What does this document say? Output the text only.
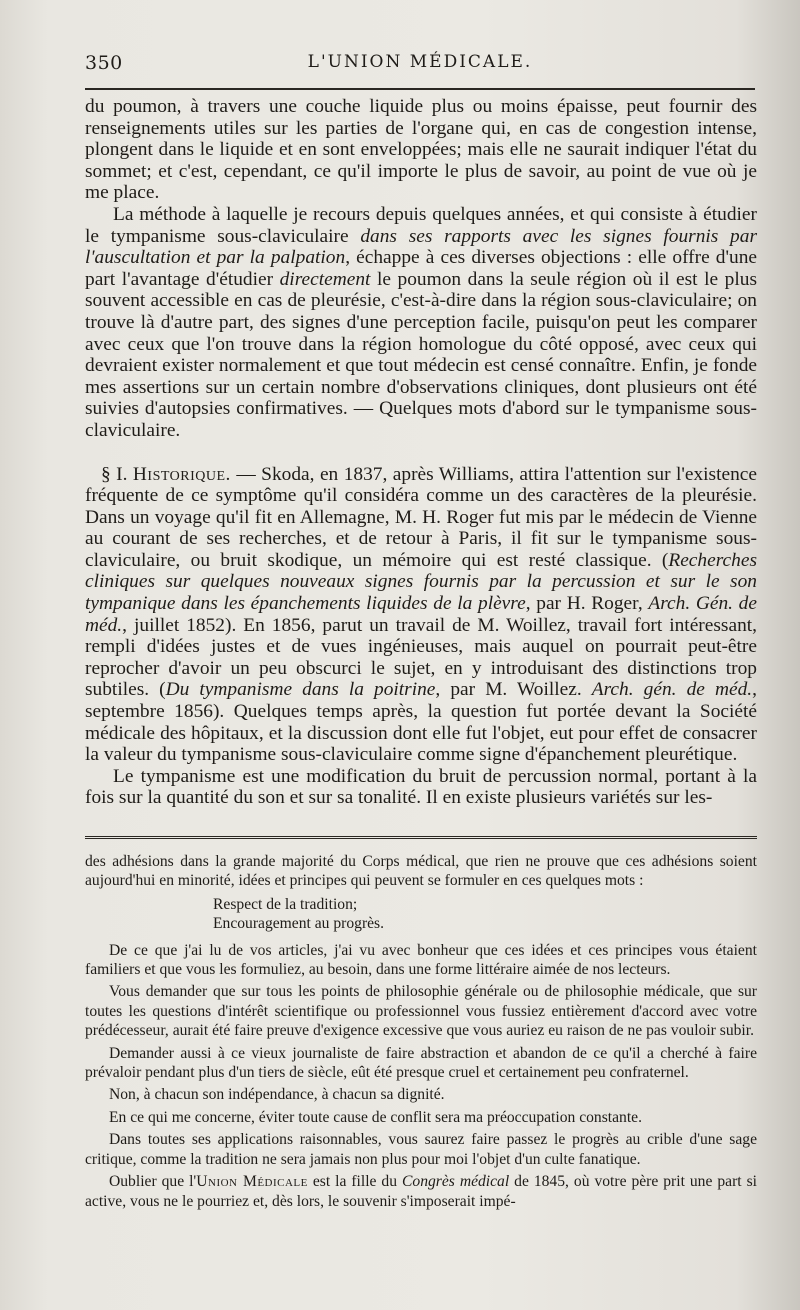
350	L'UNION MÉDICALE.

du poumon, à travers une couche liquide plus ou moins épaisse, peut fournir des renseignements utiles sur les parties de l'organe qui, en cas de congestion intense, plongent dans le liquide et en sont enveloppées; mais elle ne saurait indiquer l'état du sommet; et c'est, cependant, ce qu'il importe le plus de savoir, au point de vue où je me place.

La méthode à laquelle je recours depuis quelques années, et qui consiste à étudier le tympanisme sous-claviculaire dans ses rapports avec les signes fournis par l'auscultation et par la palpation, échappe à ces diverses objections : elle offre d'une part l'avantage d'étudier directement le poumon dans la seule région où il est le plus souvent accessible en cas de pleurésie, c'est-à-dire dans la région sous-claviculaire; on trouve là d'autre part, des signes d'une perception facile, puisqu'on peut les comparer avec ceux que l'on trouve dans la région homologue du côté opposé, avec ceux qui devraient exister normalement et que tout médecin est censé connaître. Enfin, je fonde mes assertions sur un certain nombre d'observations cliniques, dont plusieurs ont été suivies d'autopsies confirmatives. — Quelques mots d'abord sur le tympanisme sous-claviculaire.

§ I. Historique. — Skoda, en 1837, après Williams, attira l'attention sur l'existence fréquente de ce symptôme qu'il considéra comme un des caractères de la pleurésie. Dans un voyage qu'il fit en Allemagne, M. H. Roger fut mis par le médecin de Vienne au courant de ses recherches, et de retour à Paris, il fit sur le tympanisme sous-claviculaire, ou bruit skodique, un mémoire qui est resté classique. (Recherches cliniques sur quelques nouveaux signes fournis par la percussion et sur le son tympanique dans les épanchements liquides de la plèvre, par H. Roger, Arch. Gén. de méd., juillet 1852). En 1856, parut un travail de M. Woillez, travail fort intéressant, rempli d'idées justes et de vues ingénieuses, mais auquel on pourrait peut-être reprocher d'avoir un peu obscurci le sujet, en y introduisant des distinctions trop subtiles. (Du tympanisme dans la poitrine, par M. Woillez. Arch. gén. de méd., septembre 1856). Quelques temps après, la question fut portée devant la Société médicale des hôpitaux, et la discussion dont elle fut l'objet, eut pour effet de consacrer la valeur du tympanisme sous-claviculaire comme signe d'épanchement pleurétique.

Le tympanisme est une modification du bruit de percussion normal, portant à la fois sur la quantité du son et sur sa tonalité. Il en existe plusieurs variétés sur les-

des adhésions dans la grande majorité du Corps médical, que rien ne prouve que ces adhésions soient aujourd'hui en minorité, idées et principes qui peuvent se formuler en ces quelques mots :

Respect de la tradition;

Encouragement au progrès.

De ce que j'ai lu de vos articles, j'ai vu avec bonheur que ces idées et ces principes vous étaient familiers et que vous les formuliez, au besoin, dans une forme littéraire aimée de nos lecteurs.

Vous demander que sur tous les points de philosophie générale ou de philosophie médicale, que sur toutes les questions d'intérêt scientifique ou professionnel vous fussiez entièrement d'accord avec votre prédécesseur, aurait été faire preuve d'exigence excessive que vous auriez eu raison de ne pas vouloir subir.

Demander aussi à ce vieux journaliste de faire abstraction et abandon de ce qu'il a cherché à faire prévaloir pendant plus d'un tiers de siècle, eût été presque cruel et certainement peu confraternel.

Non, à chacun son indépendance, à chacun sa dignité.

En ce qui me concerne, éviter toute cause de conflit sera ma préoccupation constante.

Dans toutes ses applications raisonnables, vous saurez faire passez le progrès au crible d'une sage critique, comme la tradition ne sera jamais non plus pour moi l'objet d'un culte fanatique.

Oublier que l'Union Médicale est la fille du Congrès médical de 1845, où votre père prit une part si active, vous ne le pourriez et, dès lors, le souvenir s'imposerait impé-
